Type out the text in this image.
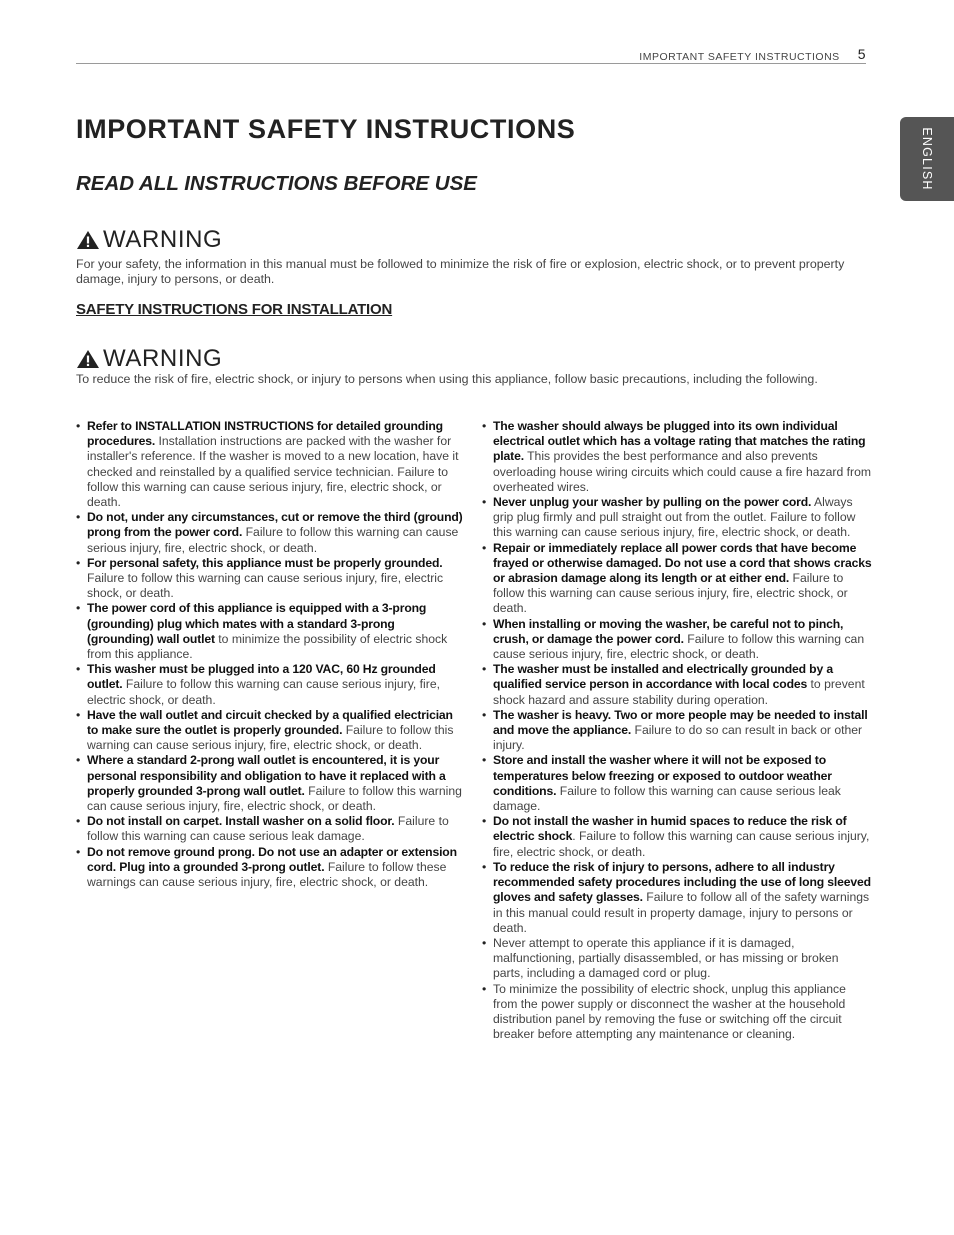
IMPORTANT SAFETY INSTRUCTIONS 5
ENGLISH
IMPORTANT SAFETY INSTRUCTIONS
READ ALL INSTRUCTIONS BEFORE USE
WARNING

For your safety, the information in this manual must be followed to minimize the risk of fire or explosion, electric shock, or to prevent property damage, injury to persons, or death.

SAFETY INSTRUCTIONS FOR INSTALLATION
WARNING

To reduce the risk of fire, electric shock, or injury to persons when using this appliance, follow basic precautions, including the following.

• Refer to INSTALLATION INSTRUCTIONS for detailed grounding procedures. Installation instructions are packed with the washer for installer's reference. If the washer is moved to a new location, have it checked and reinstalled by a qualified service technician. Failure to follow this warning can cause serious injury, fire, electric shock, or death.
• Do not, under any circumstances, cut or remove the third (ground) prong from the power cord. Failure to follow this warning can cause serious injury, fire, electric shock, or death.
• For personal safety, this appliance must be properly grounded. Failure to follow this warning can cause serious injury, fire, electric shock, or death.
• The power cord of this appliance is equipped with a 3-prong (grounding) plug which mates with a standard 3-prong (grounding) wall outlet to minimize the possibility of electric shock from this appliance.
• This washer must be plugged into a 120 VAC, 60 Hz grounded outlet. Failure to follow this warning can cause serious injury, fire, electric shock, or death.
• Have the wall outlet and circuit checked by a qualified electrician to make sure the outlet is properly grounded. Failure to follow this warning can cause serious injury, fire, electric shock, or death.
• Where a standard 2-prong wall outlet is encountered, it is your personal responsibility and obligation to have it replaced with a properly grounded 3-prong wall outlet. Failure to follow this warning can cause serious injury, fire, electric shock, or death.
• Do not install on carpet. Install washer on a solid floor. Failure to follow this warning can cause serious leak damage.
• Do not remove ground prong. Do not use an adapter or extension cord. Plug into a grounded 3-prong outlet. Failure to follow these warnings can cause serious injury, fire, electric shock, or death.
• The washer should always be plugged into its own individual electrical outlet which has a voltage rating that matches the rating plate. This provides the best performance and also prevents overloading house wiring circuits which could cause a fire hazard from overheated wires.
• Never unplug your washer by pulling on the power cord. Always grip plug firmly and pull straight out from the outlet. Failure to follow this warning can cause serious injury, fire, electric shock, or death.
• Repair or immediately replace all power cords that have become frayed or otherwise damaged. Do not use a cord that shows cracks or abrasion damage along its length or at either end. Failure to follow this warning can cause serious injury, fire, electric shock, or death.
• When installing or moving the washer, be careful not to pinch, crush, or damage the power cord. Failure to follow this warning can cause serious injury, fire, electric shock, or death.
• The washer must be installed and electrically grounded by a qualified service person in accordance with local codes to prevent shock hazard and assure stability during operation.
• The washer is heavy. Two or more people may be needed to install and move the appliance. Failure to do so can result in back or other injury.
• Store and install the washer where it will not be exposed to temperatures below freezing or exposed to outdoor weather conditions. Failure to follow this warning can cause serious leak damage.
• Do not install the washer in humid spaces to reduce the risk of electric shock. Failure to follow this warning can cause serious injury, fire, electric shock, or death.
• To reduce the risk of injury to persons, adhere to all industry recommended safety procedures including the use of long sleeved gloves and safety glasses. Failure to follow all of the safety warnings in this manual could result in property damage, injury to persons or death.
• Never attempt to operate this appliance if it is damaged, malfunctioning, partially disassembled, or has missing or broken parts, including a damaged cord or plug.
• To minimize the possibility of electric shock, unplug this appliance from the power supply or disconnect the washer at the household distribution panel by removing the fuse or switching off the circuit breaker before attempting any maintenance or cleaning.
